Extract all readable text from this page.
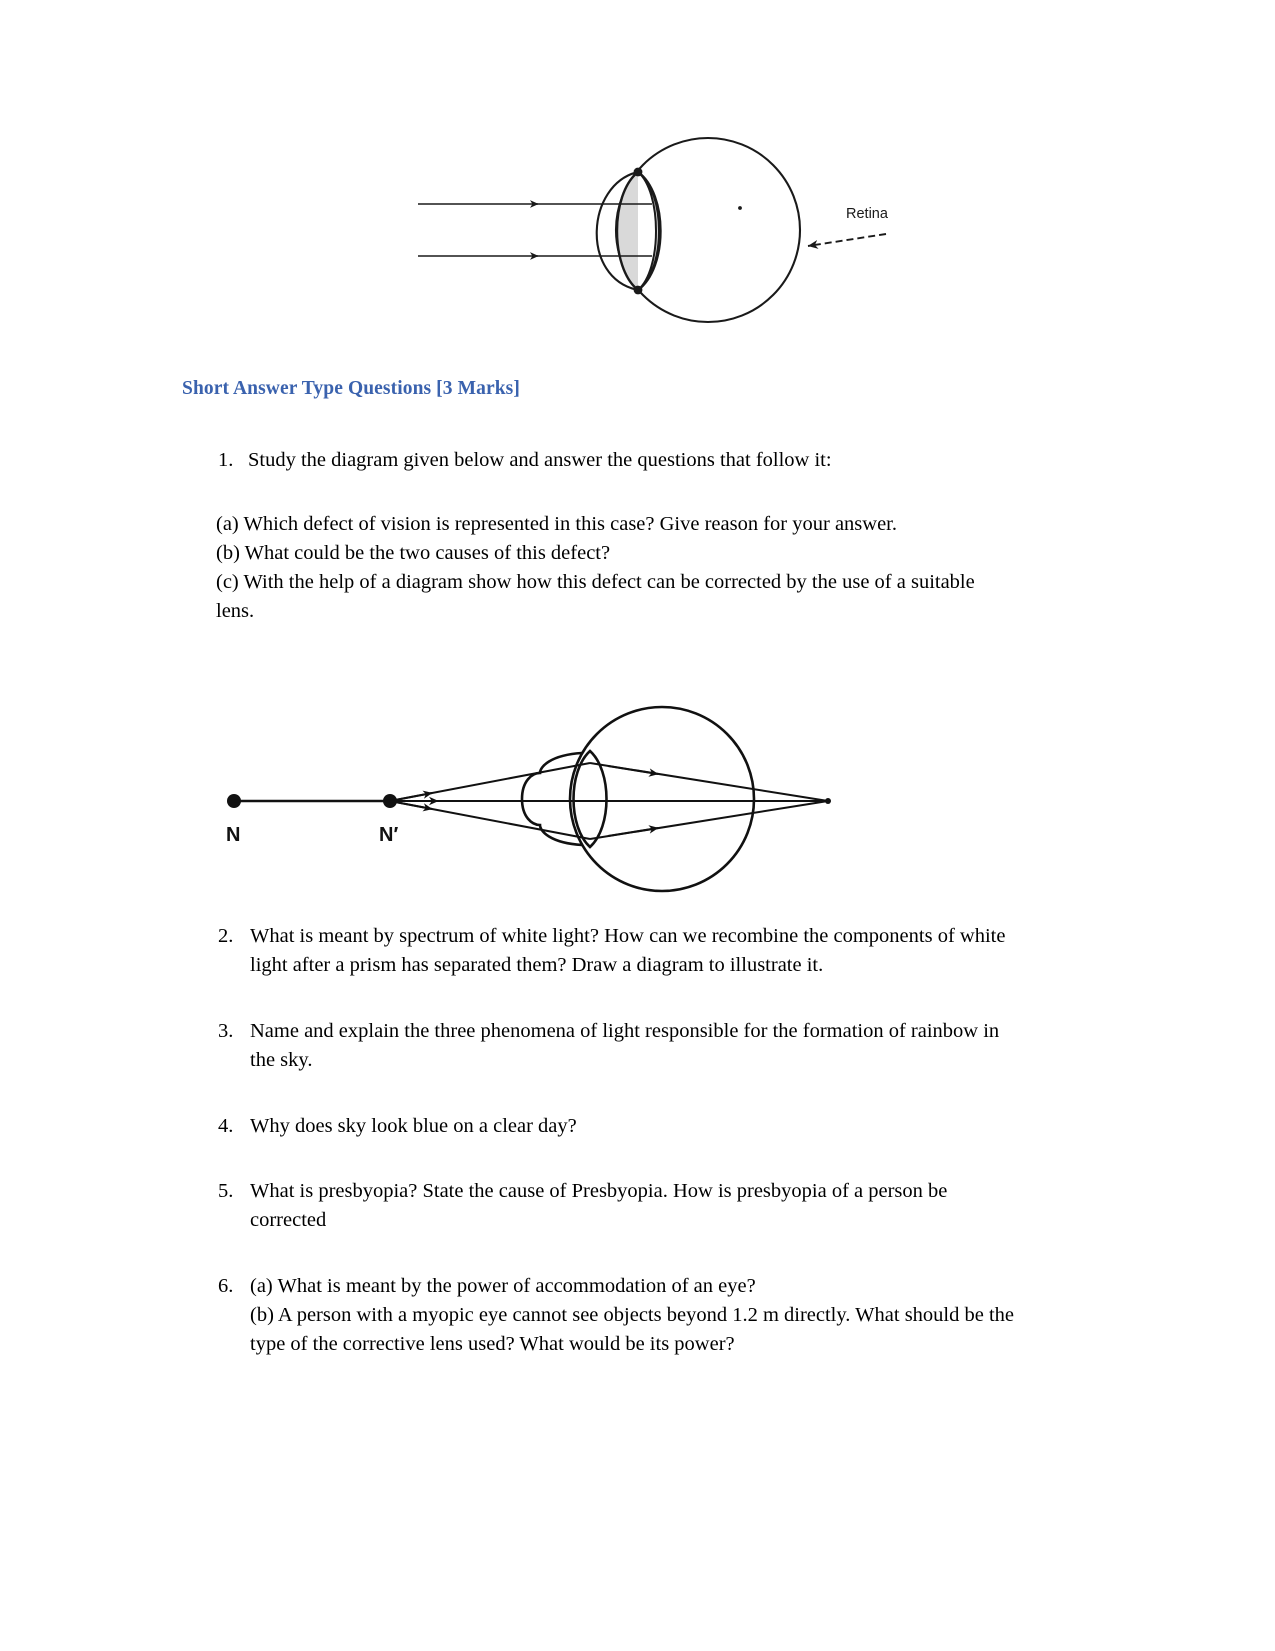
Retina
Short Answer Type Questions [3 Marks]
1. Study the diagram given below and answer the questions that follow it:

(a) Which defect of vision is represented in this case? Give reason for your answer.

(b) What could be the two causes of this defect?

(c) With the help of a diagram show how this defect can be corrected by the use of a suitable lens.

N	N′
2. What is meant by spectrum of white light? How can we recombine the components of white light after a prism has separated them? Draw a diagram to illustrate it.

3. Name and explain the three phenomena of light responsible for the formation of rainbow in the sky.

4. Why does sky look blue on a clear day?

5. What is presbyopia? State the cause of Presbyopia. How is presbyopia of a person be corrected

6. (a) What is meant by the power of accommodation of an eye?

(b) A person with a myopic eye cannot see objects beyond 1.2 m directly. What should be the type of the corrective lens used? What would be its power?
